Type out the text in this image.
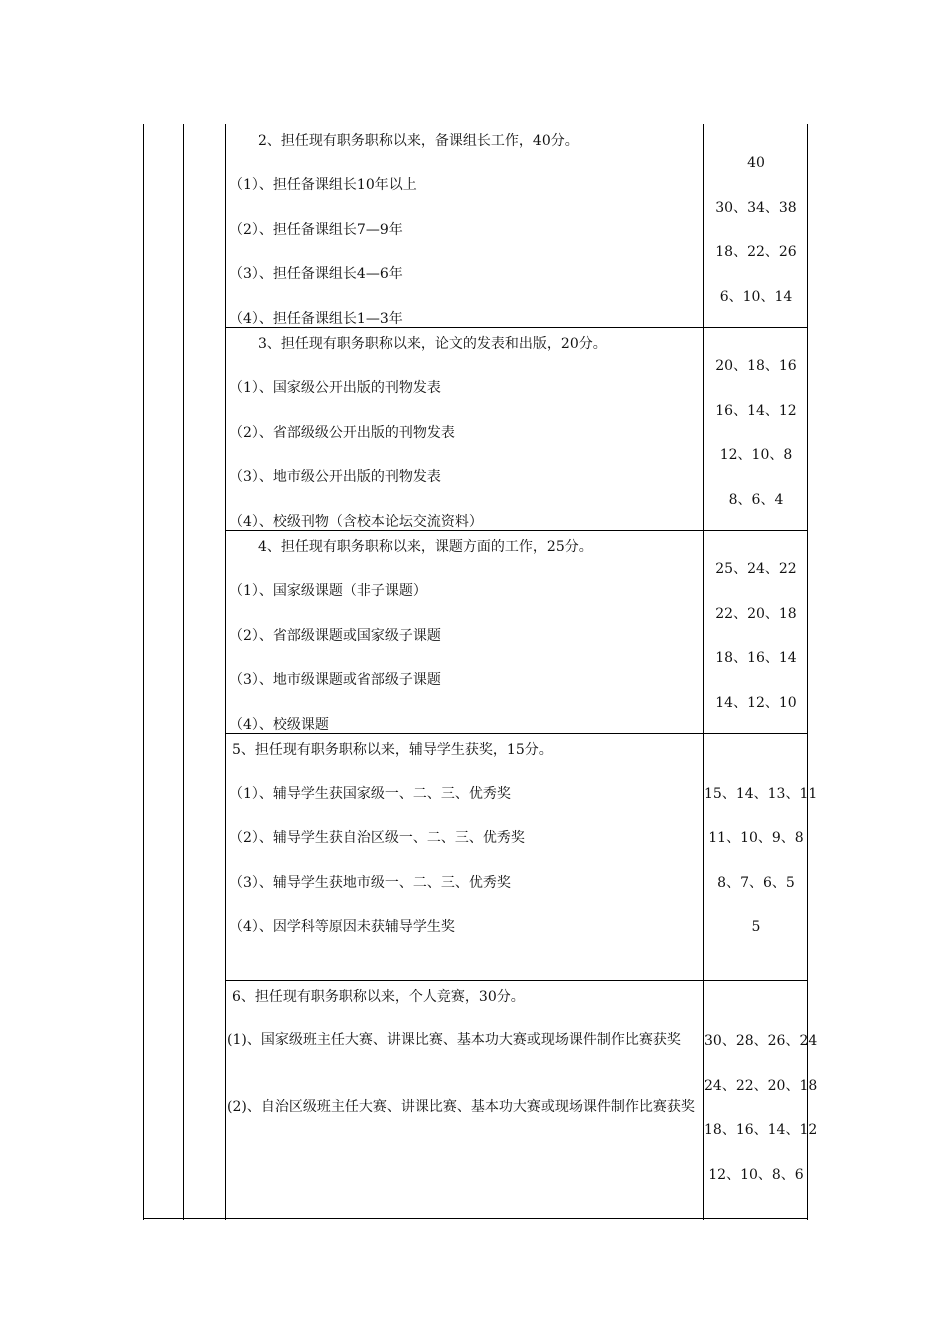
2、担任现有职务职称以来，备课组长工作，40分。
（1）、担任备课组长10年以上
（2）、担任备课组长7—9年
（3）、担任备课组长4—6年
（4）、担任备课组长1—3年
40
30、34、38
18、22、26
6、10、14
3、担任现有职务职称以来，论文的发表和出版，20分。
（1）、国家级公开出版的刊物发表
（2）、省部级级公开出版的刊物发表
（3）、地市级公开出版的刊物发表
（4）、校级刊物（含校本论坛交流资料）
20、18、16
16、14、12
12、10、8
8、6、4
4、担任现有职务职称以来，课题方面的工作，25分。
（1）、国家级课题（非子课题）
（2）、省部级课题或国家级子课题
（3）、地市级课题或省部级子课题
（4）、校级课题
25、24、22
22、20、18
18、16、14
14、12、10
5、担任现有职务职称以来，辅导学生获奖，15分。
（1）、辅导学生获国家级一、二、三、优秀奖
（2）、辅导学生获自治区级一、二、三、优秀奖
（3）、辅导学生获地市级一、二、三、优秀奖
（4）、因学科等原因未获辅导学生奖
15、14、13、11
11、10、9、8
8、7、6、5
5
6、担任现有职务职称以来，个人竞赛，30分。
(1)、国家级班主任大赛、讲课比赛、基本功大赛或现场课件制作比赛获奖
(2)、自治区级班主任大赛、讲课比赛、基本功大赛或现场课件制作比赛获奖
30、28、26、24
24、22、20、18
18、16、14、12
12、10、8、6
